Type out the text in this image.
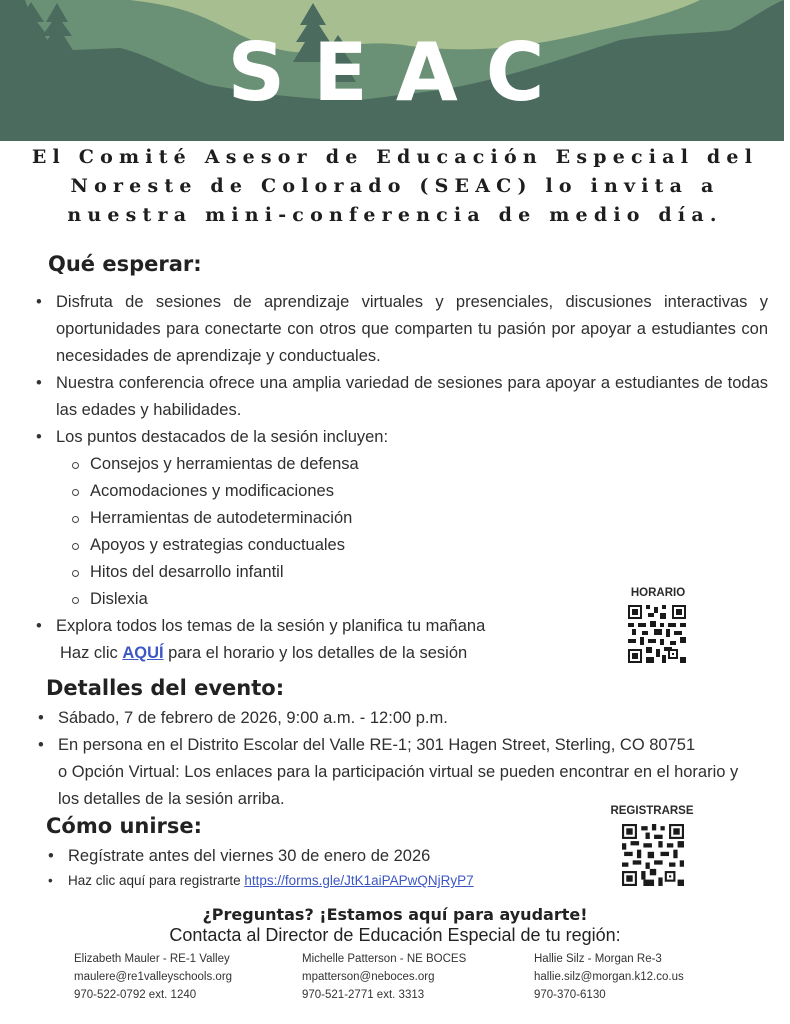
SEAC
El Comité Asesor de Educación Especial del
Noreste de Colorado (SEAC) lo invita a
nuestra mini-conferencia de medio día.
Qué esperar:
• Disfruta de sesiones de aprendizaje virtuales y presenciales, discusiones interactivas y oportunidades para conectarte con otros que comparten tu pasión por apoyar a estudiantes con necesidades de aprendizaje y conductuales.
• Nuestra conferencia ofrece una amplia variedad de sesiones para apoyar a estudiantes de todas las edades y habilidades.
• Los puntos destacados de la sesión incluyen:
Consejos y herramientas de defensa
Acomodaciones y modificaciones
Herramientas de autodeterminación
Apoyos y estrategias conductuales
Hitos del desarrollo infantil
Dislexia
• Explora todos los temas de la sesión y planifica tu mañana
Haz clic AQUÍ para el horario y los detalles de la sesión
HORARIO
Detalles del evento:
• Sábado, 7 de febrero de 2026, 9:00 a.m. - 12:00 p.m.
• En persona en el Distrito Escolar del Valle RE-1; 301 Hagen Street, Sterling, CO 80751
o Opción Virtual: Los enlaces para la participación virtual se pueden encontrar en el horario y los detalles de la sesión arriba.
REGISTRARSE
Cómo unirse:
• Regístrate antes del viernes 30 de enero de 2026
• Haz clic aquí para registrarte https://forms.gle/JtK1aiPAPwQNjRyP7
¿Preguntas? ¡Estamos aquí para ayudarte!
Contacta al Director de Educación Especial de tu región:
Elizabeth Mauler - RE-1 Valley
maulere@re1valleyschools.org
970-522-0792 ext. 1240
Michelle Patterson - NE BOCES
mpatterson@neboces.org
970-521-2771 ext. 3313
Hallie Silz - Morgan Re-3
hallie.silz@morgan.k12.co.us
970-370-6130
